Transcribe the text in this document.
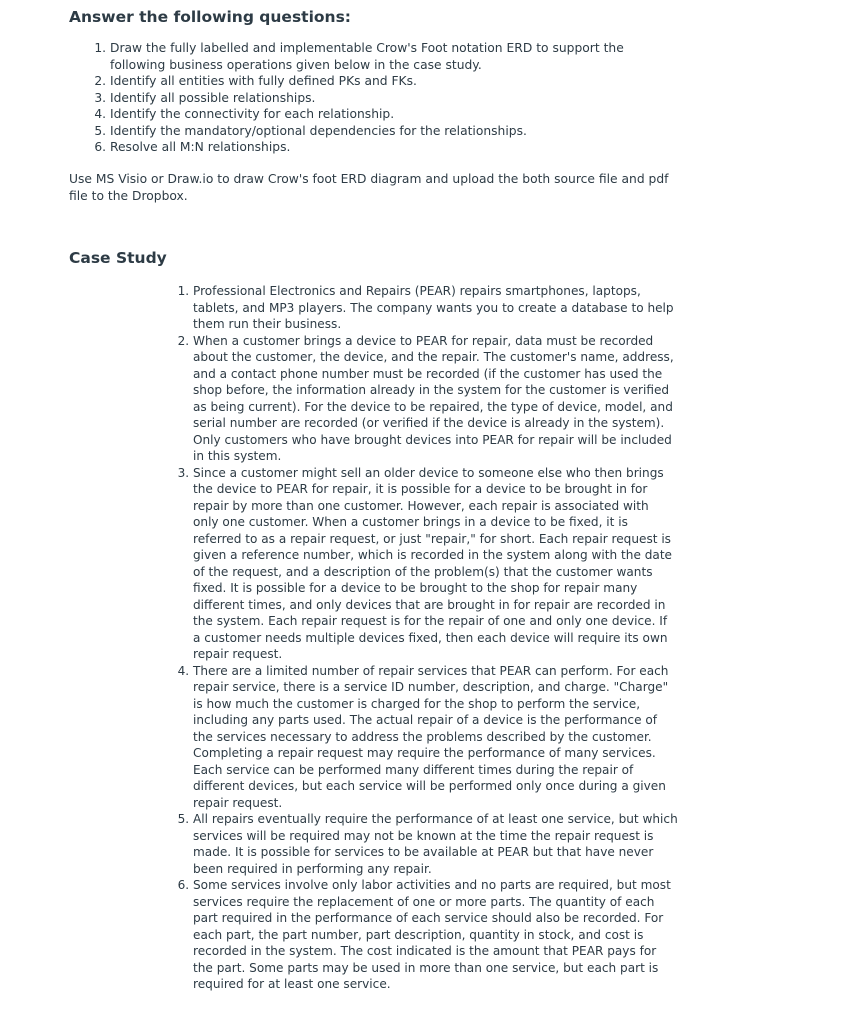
Answer the following questions:
1. Draw the fully labelled and implementable Crow's Foot notation ERD to support the following business operations given below in the case study.
2. Identify all entities with fully defined PKs and FKs.
3. Identify all possible relationships.
4. Identify the connectivity for each relationship.
5. Identify the mandatory/optional dependencies for the relationships.
6. Resolve all M:N relationships.

Use MS Visio or Draw.io to draw Crow's foot ERD diagram and upload the both source file and pdf file to the Dropbox.

Case Study
1. Professional Electronics and Repairs (PEAR) repairs smartphones, laptops, tablets, and MP3 players. The company wants you to create a database to help them run their business.
2. When a customer brings a device to PEAR for repair, data must be recorded about the customer, the device, and the repair. The customer's name, address, and a contact phone number must be recorded (if the customer has used the shop before, the information already in the system for the customer is verified as being current). For the device to be repaired, the type of device, model, and serial number are recorded (or verified if the device is already in the system). Only customers who have brought devices into PEAR for repair will be included in this system.
3. Since a customer might sell an older device to someone else who then brings the device to PEAR for repair, it is possible for a device to be brought in for repair by more than one customer. However, each repair is associated with only one customer. When a customer brings in a device to be fixed, it is referred to as a repair request, or just "repair," for short. Each repair request is given a reference number, which is recorded in the system along with the date of the request, and a description of the problem(s) that the customer wants fixed. It is possible for a device to be brought to the shop for repair many different times, and only devices that are brought in for repair are recorded in the system. Each repair request is for the repair of one and only one device. If a customer needs multiple devices fixed, then each device will require its own repair request.
4. There are a limited number of repair services that PEAR can perform. For each repair service, there is a service ID number, description, and charge. "Charge" is how much the customer is charged for the shop to perform the service, including any parts used. The actual repair of a device is the performance of the services necessary to address the problems described by the customer. Completing a repair request may require the performance of many services. Each service can be performed many different times during the repair of different devices, but each service will be performed only once during a given repair request.
5. All repairs eventually require the performance of at least one service, but which services will be required may not be known at the time the repair request is made. It is possible for services to be available at PEAR but that have never been required in performing any repair.
6. Some services involve only labor activities and no parts are required, but most services require the replacement of one or more parts. The quantity of each part required in the performance of each service should also be recorded. For each part, the part number, part description, quantity in stock, and cost is recorded in the system. The cost indicated is the amount that PEAR pays for the part. Some parts may be used in more than one service, but each part is required for at least one service.
